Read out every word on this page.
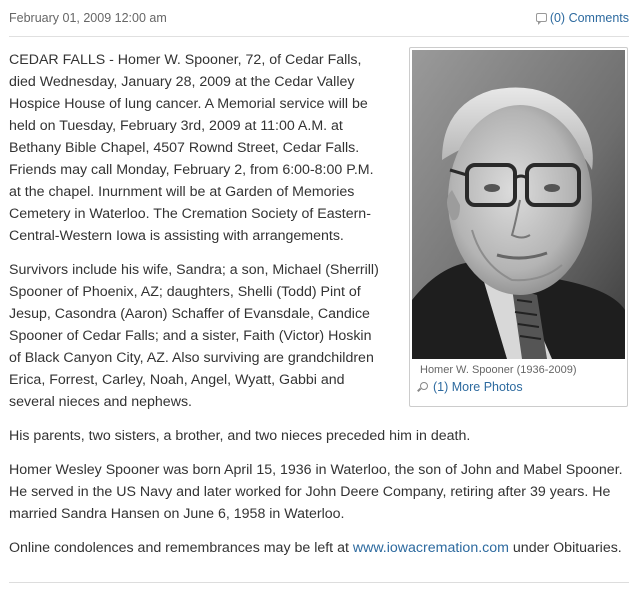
February 01, 2009 12:00 am	(0) Comments

CEDAR FALLS - Homer W. Spooner, 72, of Cedar Falls, died Wednesday, January 28, 2009 at the Cedar Valley Hospice House of lung cancer. A Memorial service will be held on Tuesday, February 3rd, 2009 at 11:00 A.M. at Bethany Bible Chapel, 4507 Rownd Street, Cedar Falls. Friends may call Monday, February 2, from 6:00-8:00 P.M. at the chapel. Inurnment will be at Garden of Memories Cemetery in Waterloo. The Cremation Society of Eastern-Central-Western Iowa is assisting with arrangements.

Survivors include his wife, Sandra; a son, Michael (Sherrill) Spooner of Phoenix, AZ; daughters, Shelli (Todd) Pint of Jesup, Casondra (Aaron) Schaffer of Evansdale, Candice Spooner of Cedar Falls; and a sister, Faith (Victor) Hoskin of Black Canyon City, AZ. Also surviving are grandchildren Erica, Forrest, Carley, Noah, Angel, Wyatt, Gabbi and several nieces and nephews.

His parents, two sisters, a brother, and two nieces preceded him in death.

Homer Wesley Spooner was born April 15, 1936 in Waterloo, the son of John and Mabel Spooner. He served in the US Navy and later worked for John Deere Company, retiring after 39 years. He married Sandra Hansen on June 6, 1958 in Waterloo.

Online condolences and remembrances may be left at www.iowacremation.com under Obituaries.

Homer W. Spooner (1936-2009)
(1) More Photos
